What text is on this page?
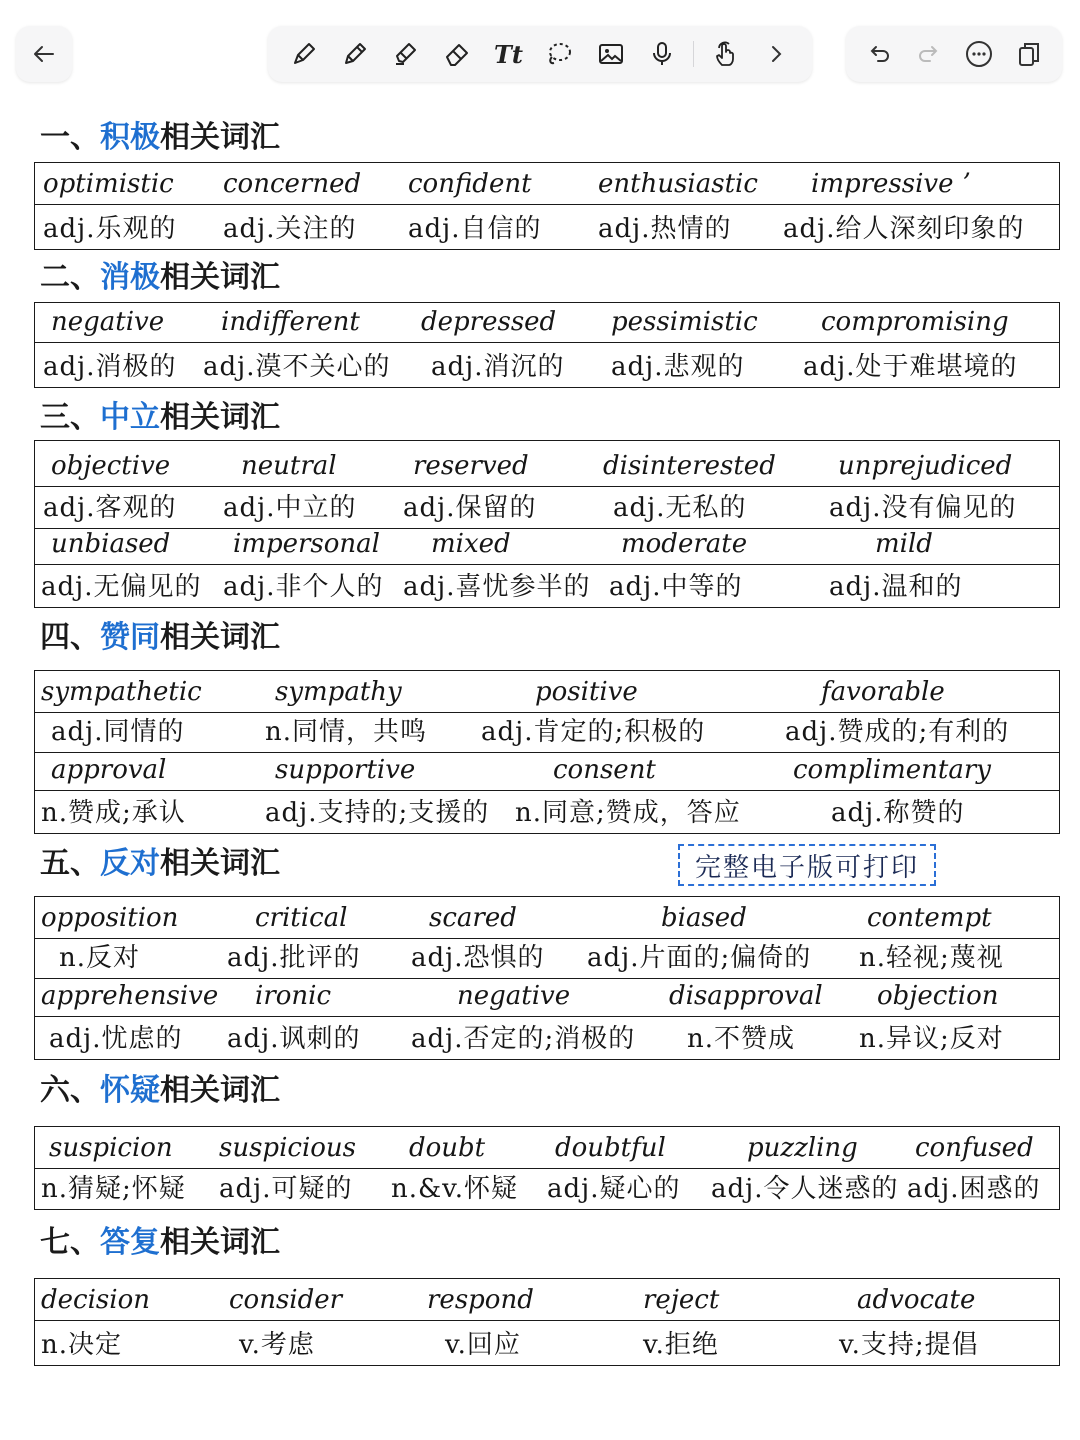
Tt
一、积极相关词汇
optimistic concerned confident	enthusiastic impressive ʼ
adj.乐观的 adj.关注的 adj.自信的 adj.热情的 adj.给人深刻印象的
二、消极相关词汇
negative indifferent depressed pessimistic compromising
adj.消极的 adj.漠不关心的 adj.消沉的 adj.悲观的 adj.处于难堪境的
三、中立相关词汇
objective	neutral	reserved	disinterested unprejudiced
adj.客观的 adj.中立的 adj.保留的	adj.无私的	adj.没有偏见的
unbiased impersonal mixed	moderate	mild
adj.无偏见的 adj.非个人的 adj.喜忧参半的 adj.中等的	adj.温和的
四、赞同相关词汇
sympathetic	sympathy	positive	favorable
adj.同情的	n.同情，共鸣 adj.肯定的;积极的	adj.赞成的;有利的
approval	supportive	consent	complimentary
n.赞成;承认	adj.支持的;支援的 n.同意;赞成，答应	adj.称赞的
五、反对相关词汇
opposition	critical	scared	biased	contempt
n.反对	adj.批评的 adj.恐惧的 adj.片面的;偏倚的 n.轻视;蔑视
apprehensive ironic	negative	disapproval objection
adj.忧虑的 adj.讽刺的 adj.否定的;消极的 n.不赞成 n.异议;反对
六、怀疑相关词汇
suspicion suspicious doubt	doubtful	puzzling confused
n.猜疑;怀疑 adj.可疑的 n.&v.怀疑 adj.疑心的 adj.令人迷惑的 adj.困惑的
七、答复相关词汇
decision	consider	respond	reject	advocate
n.决定	v.考虑	v.回应	v.拒绝	v.支持;提倡
完整电子版可打印
